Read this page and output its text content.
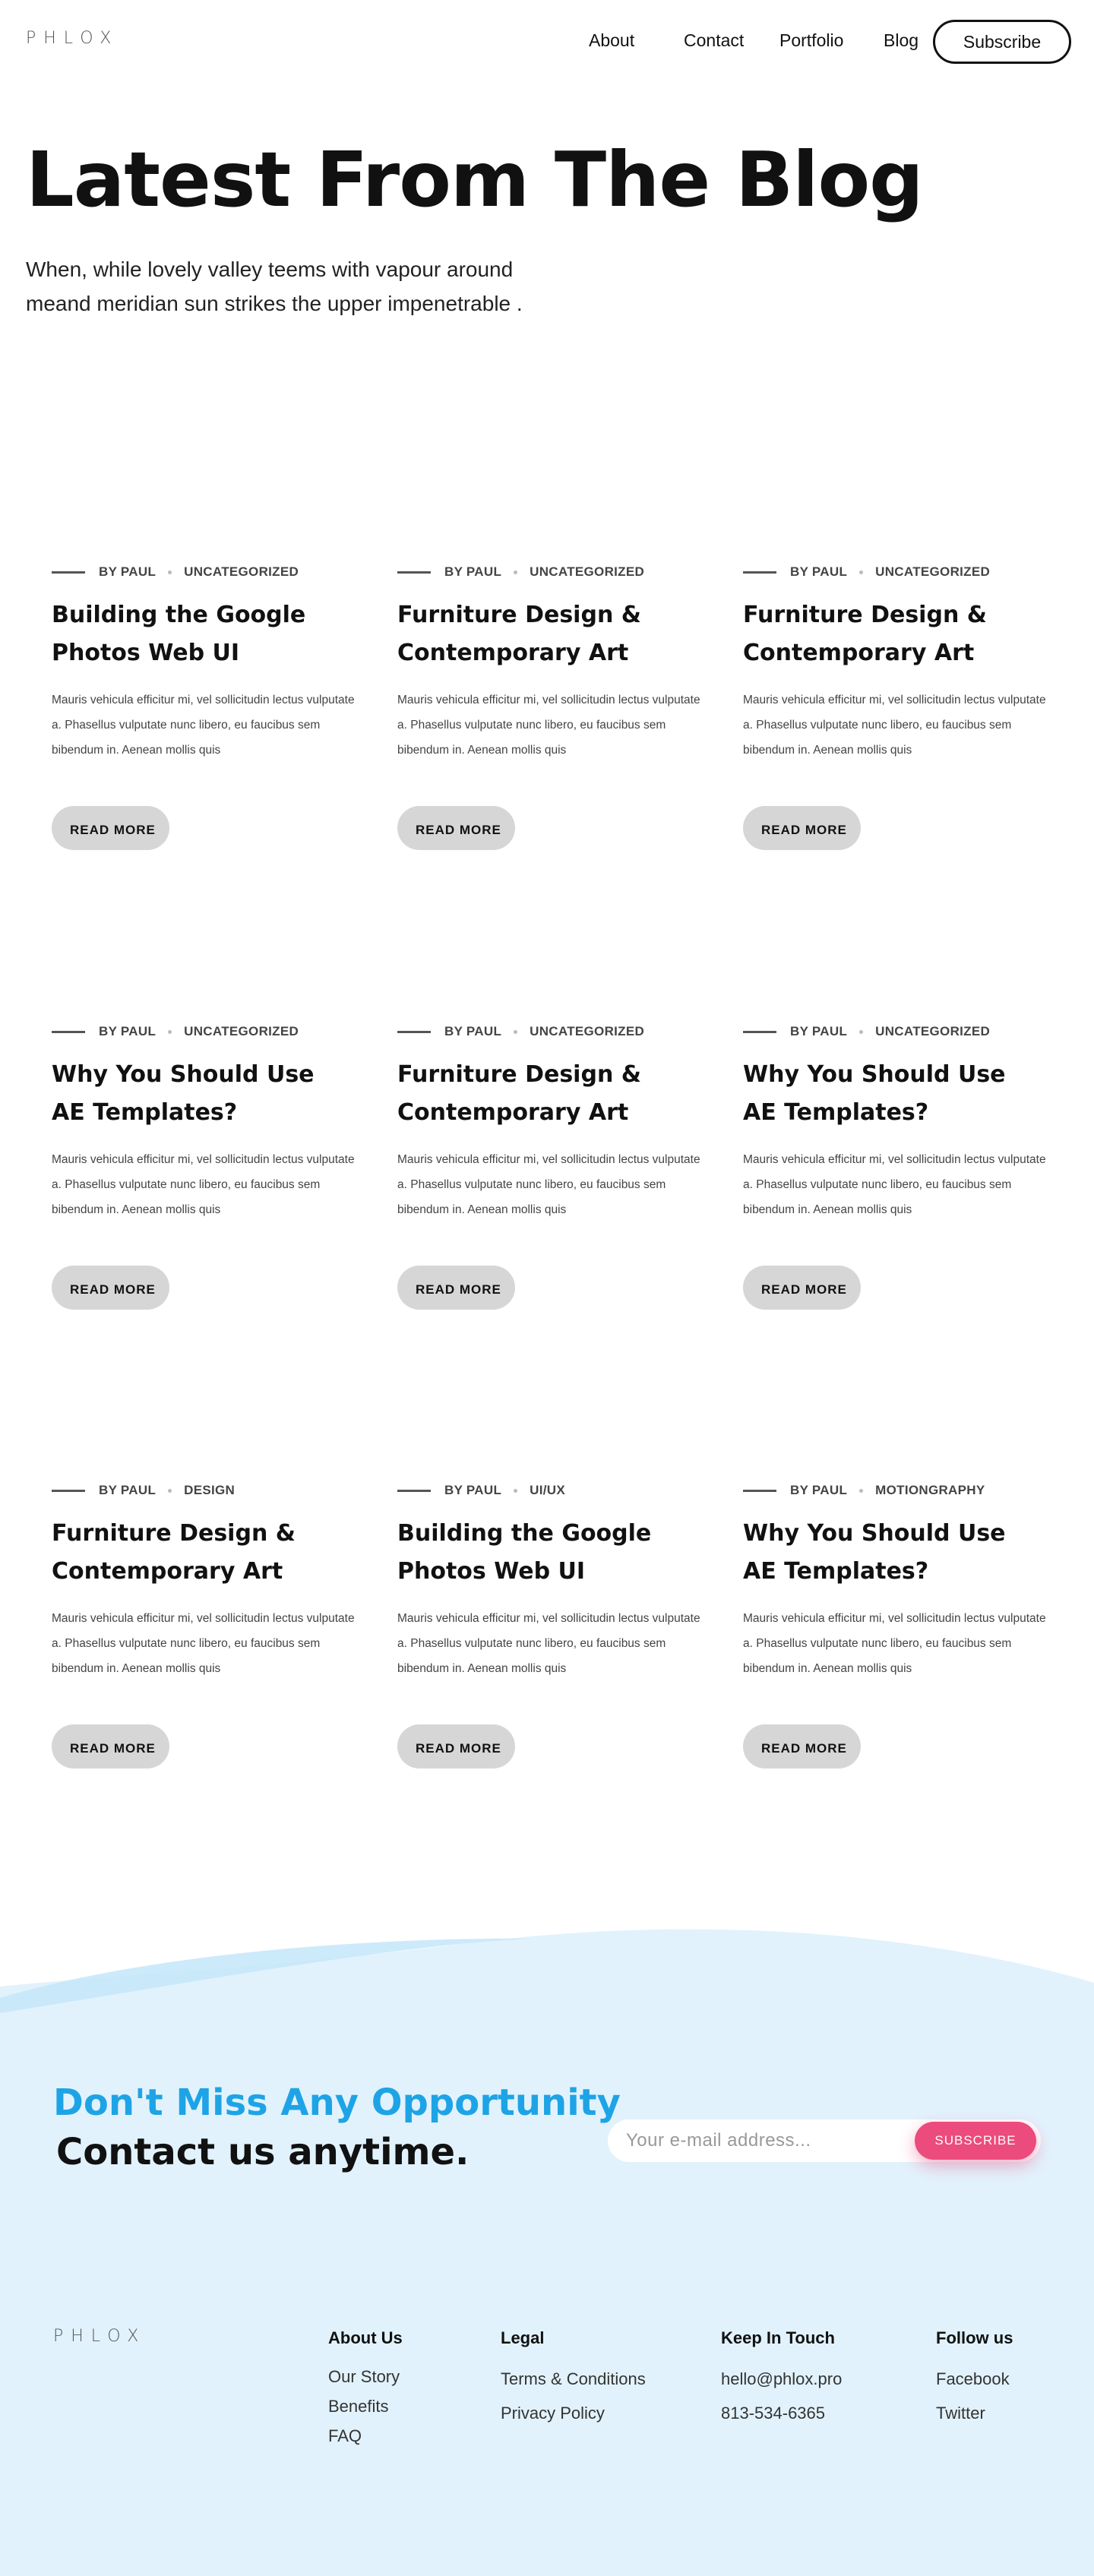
PHLOX	About	Contact Portfolio Blog	Subscribe
Latest From The Blog

When, while lovely valley teems with vapour around meand meridian sun strikes the upper impenetrable .

BY PAUL UNCATEGORIZED
Building the Google Photos Web UI

Mauris vehicula efficitur mi, vel sollicitudin lectus vulputate a. Phasellus vulputate nunc libero, eu faucibus sem bibendum in. Aenean mollis quis

READ MORE
BY PAUL UNCATEGORIZED
Furniture Design & Contemporary Art

Mauris vehicula efficitur mi, vel sollicitudin lectus vulputate a. Phasellus vulputate nunc libero, eu faucibus sem bibendum in. Aenean mollis quis

READ MORE
BY PAUL UNCATEGORIZED
Furniture Design & Contemporary Art

Mauris vehicula efficitur mi, vel sollicitudin lectus vulputate a. Phasellus vulputate nunc libero, eu faucibus sem bibendum in. Aenean mollis quis

READ MORE
BY PAUL UNCATEGORIZED
Why You Should Use AE Templates?

Mauris vehicula efficitur mi, vel sollicitudin lectus vulputate a. Phasellus vulputate nunc libero, eu faucibus sem bibendum in. Aenean mollis quis

READ MORE
BY PAUL UNCATEGORIZED
Furniture Design & Contemporary Art

Mauris vehicula efficitur mi, vel sollicitudin lectus vulputate a. Phasellus vulputate nunc libero, eu faucibus sem bibendum in. Aenean mollis quis

READ MORE
BY PAUL UNCATEGORIZED
Why You Should Use AE Templates?

Mauris vehicula efficitur mi, vel sollicitudin lectus vulputate a. Phasellus vulputate nunc libero, eu faucibus sem bibendum in. Aenean mollis quis

READ MORE
BY PAUL DESIGN
Furniture Design & Contemporary Art

Mauris vehicula efficitur mi, vel sollicitudin lectus vulputate a. Phasellus vulputate nunc libero, eu faucibus sem bibendum in. Aenean mollis quis

READ MORE
BY PAUL UI/UX
Building the Google Photos Web UI

Mauris vehicula efficitur mi, vel sollicitudin lectus vulputate a. Phasellus vulputate nunc libero, eu faucibus sem bibendum in. Aenean mollis quis

READ MORE
BY PAUL MOTIONGRAPHY
Why You Should Use AE Templates?

Mauris vehicula efficitur mi, vel sollicitudin lectus vulputate a. Phasellus vulputate nunc libero, eu faucibus sem bibendum in. Aenean mollis quis

READ MORE
Don't Miss Any Opportunity
Contact us anytime.
Your e-mail address...	SUBSCRIBE
PHLOX	About Us
Our Story
Benefits
FAQ
Legal
Terms & Conditions
Privacy Policy
Keep In Touch
hello@phlox.pro
813-534-6365
Follow us
Facebook
Twitter
